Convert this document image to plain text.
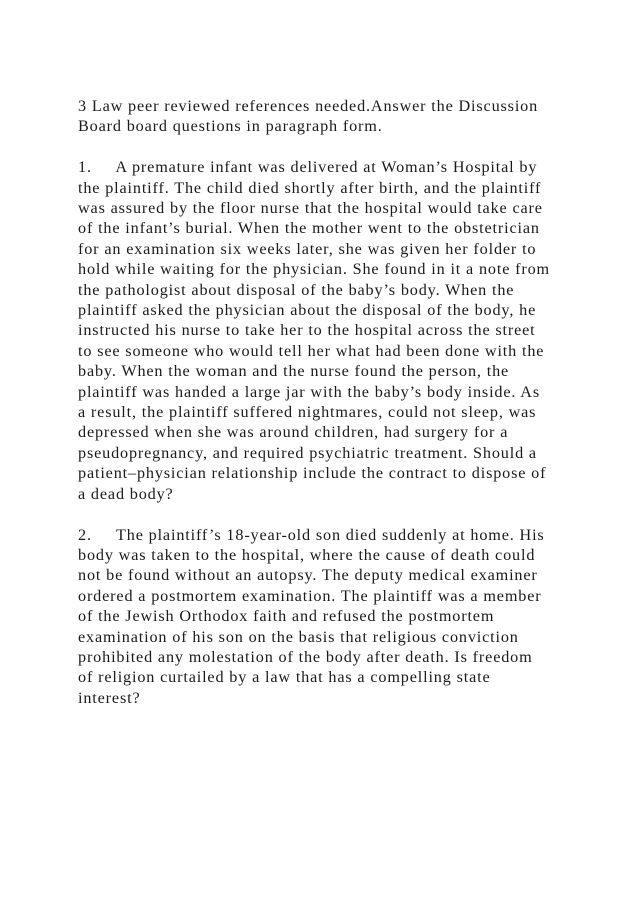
3 Law peer reviewed references needed.Answer the Discussion
Board board questions in paragraph form.
1.     A premature infant was delivered at Woman’s Hospital by
the plaintiff. The child died shortly after birth, and the plaintiff
was assured by the floor nurse that the hospital would take care
of the infant’s burial. When the mother went to the obstetrician
for an examination six weeks later, she was given her folder to
hold while waiting for the physician. She found in it a note from
the pathologist about disposal of the baby’s body. When the
plaintiff asked the physician about the disposal of the body, he
instructed his nurse to take her to the hospital across the street
to see someone who would tell her what had been done with the
baby. When the woman and the nurse found the person, the
plaintiff was handed a large jar with the baby’s body inside. As
a result, the plaintiff suffered nightmares, could not sleep, was
depressed when she was around children, had surgery for a
pseudopregnancy, and required psychiatric treatment. Should a
patient–physician relationship include the contract to dispose of
a dead body?
2.     The plaintiff’s 18-year-old son died suddenly at home. His
body was taken to the hospital, where the cause of death could
not be found without an autopsy. The deputy medical examiner
ordered a postmortem examination. The plaintiff was a member
of the Jewish Orthodox faith and refused the postmortem
examination of his son on the basis that religious conviction
prohibited any molestation of the body after death. Is freedom
of religion curtailed by a law that has a compelling state
interest?
